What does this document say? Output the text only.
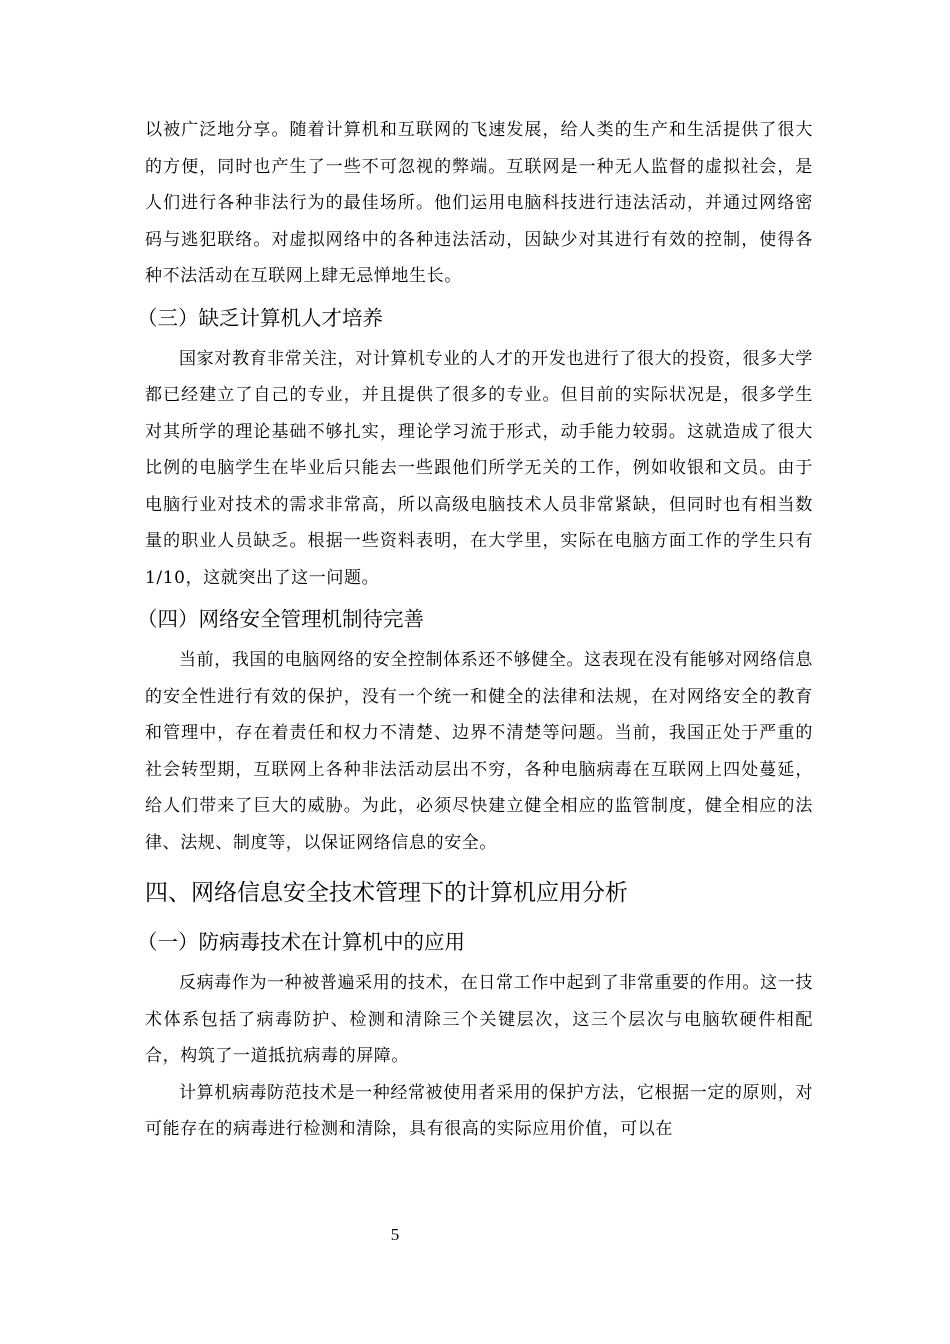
以被广泛地分享。随着计算机和互联网的飞速发展，给人类的生产和生活提供了很大的方便，同时也产生了一些不可忽视的弊端。互联网是一种无人监督的虚拟社会，是人们进行各种非法行为的最佳场所。他们运用电脑科技进行违法活动，并通过网络密码与逃犯联络。对虚拟网络中的各种违法活动，因缺少对其进行有效的控制，使得各种不法活动在互联网上肆无忌惮地生长。

（三）缺乏计算机人才培养

国家对教育非常关注，对计算机专业的人才的开发也进行了很大的投资，很多大学都已经建立了自己的专业，并且提供了很多的专业。但目前的实际状况是，很多学生对其所学的理论基础不够扎实，理论学习流于形式，动手能力较弱。这就造成了很大比例的电脑学生在毕业后只能去一些跟他们所学无关的工作，例如收银和文员。由于电脑行业对技术的需求非常高，所以高级电脑技术人员非常紧缺，但同时也有相当数量的职业人员缺乏。根据一些资料表明，在大学里，实际在电脑方面工作的学生只有 1/10，这就突出了这一问题。

（四）网络安全管理机制待完善

当前，我国的电脑网络的安全控制体系还不够健全。这表现在没有能够对网络信息的安全性进行有效的保护，没有一个统一和健全的法律和法规，在对网络安全的教育和管理中，存在着责任和权力不清楚、边界不清楚等问题。当前，我国正处于严重的社会转型期，互联网上各种非法活动层出不穷，各种电脑病毒在互联网上四处蔓延，给人们带来了巨大的威胁。为此，必须尽快建立健全相应的监管制度，健全相应的法律、法规、制度等，以保证网络信息的安全。

四、网络信息安全技术管理下的计算机应用分析
（一）防病毒技术在计算机中的应用

反病毒作为一种被普遍采用的技术，在日常工作中起到了非常重要的作用。这一技术体系包括了病毒防护、检测和清除三个关键层次，这三个层次与电脑软硬件相配合，构筑了一道抵抗病毒的屏障。

计算机病毒防范技术是一种经常被使用者采用的保护方法，它根据一定的原则，对可能存在的病毒进行检测和清除，具有很高的实际应用价值，可以在

5
